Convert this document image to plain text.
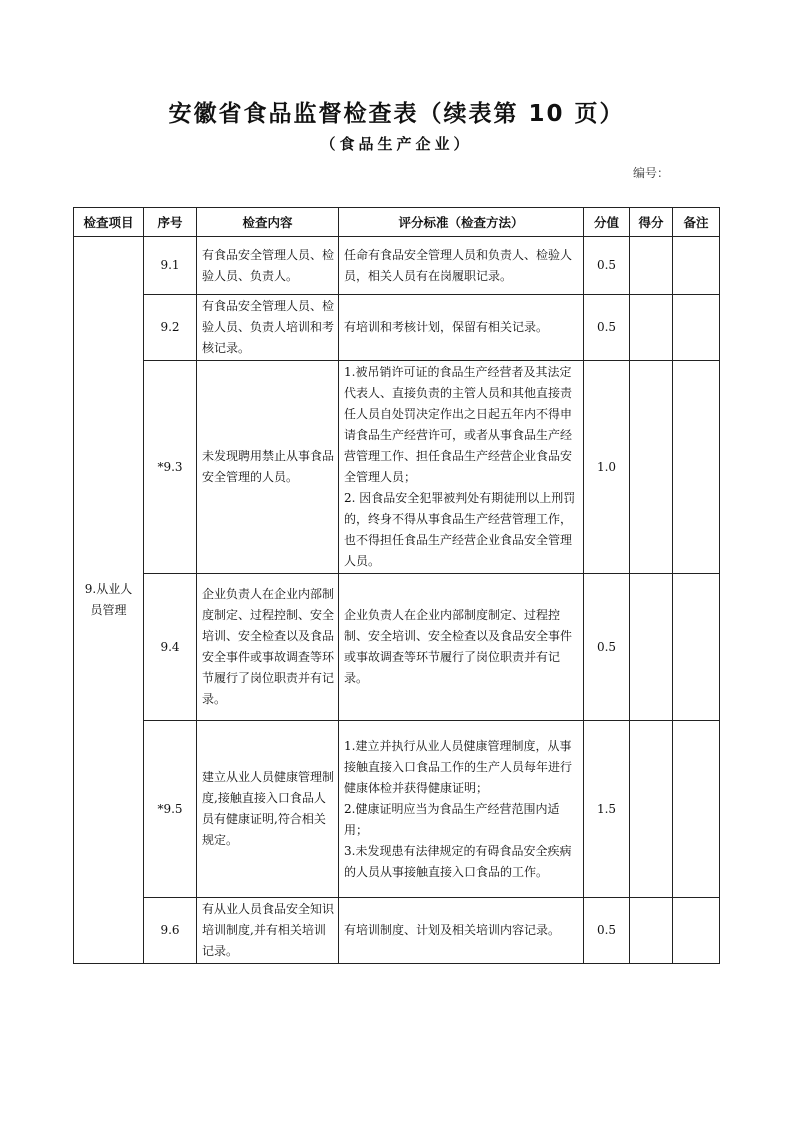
安徽省食品监督检查表（续表第 10 页）
（食品生产企业）
编号：
检查项目	序号	检查内容	评分标准（检查方法）	分值	得分	备注
9.从业人员管理	9.1	有食品安全管理人员、检验人员、负责人。	任命有食品安全管理人员和负责人、检验人员，相关人员有在岗履职记录。	0.5		
	9.2	有食品安全管理人员、检验人员、负责人培训和考核记录。	有培训和考核计划，保留有相关记录。	0.5		
	*9.3	未发现聘用禁止从事食品安全管理的人员。	1.被吊销许可证的食品生产经营者及其法定代表人、直接负责的主管人员和其他直接责任人员自处罚决定作出之日起五年内不得申请食品生产经营许可，或者从事食品生产经营管理工作、担任食品生产经营企业食品安全管理人员；
2. 因食品安全犯罪被判处有期徒刑以上刑罚的，终身不得从事食品生产经营管理工作，也不得担任食品生产经营企业食品安全管理人员。	1.0		
	9.4	企业负责人在企业内部制度制定、过程控制、安全培训、安全检查以及食品安全事件或事故调查等环节履行了岗位职责并有记录。	企业负责人在企业内部制度制定、过程控制、安全培训、安全检查以及食品安全事件或事故调查等环节履行了岗位职责并有记录。	0.5		
	*9.5	建立从业人员健康管理制度,接触直接入口食品人员有健康证明,符合相关规定。	1.建立并执行从业人员健康管理制度，从事接触直接入口食品工作的生产人员每年进行健康体检并获得健康证明；
2.健康证明应当为食品生产经营范围内适用；
3.未发现患有法律规定的有碍食品安全疾病的人员从事接触直接入口食品的工作。	1.5		
	9.6	有从业人员食品安全知识培训制度,并有相关培训记录。	有培训制度、计划及相关培训内容记录。	0.5		
